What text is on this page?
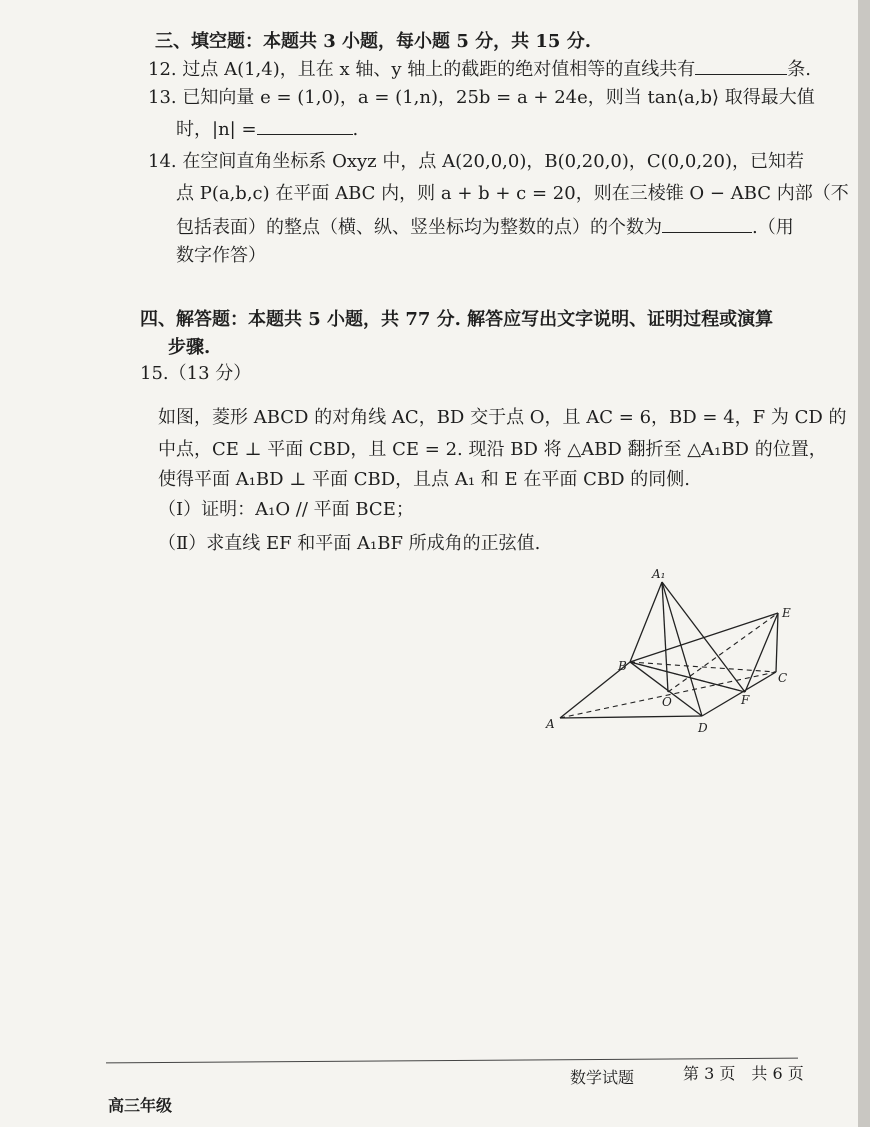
三、填空题：本题共 3 小题，每小题 5 分，共 15 分.
12. 过点 A(1,4)，且在 x 轴、y 轴上的截距的绝对值相等的直线共有	条.
13. 已知向量 e = (1,0)，a = (1,n)，25b = a + 24e，则当 tan⟨a,b⟩ 取得最大值
时，|n| =	.
14. 在空间直角坐标系 Oxyz 中，点 A(20,0,0)，B(0,20,0)，C(0,0,20)，已知若
点 P(a,b,c) 在平面 ABC 内，则 a + b + c = 20，则在三棱锥 O − ABC 内部（不
包括表面）的整点（横、纵、竖坐标均为整数的点）的个数为	.（用
数字作答）
四、解答题：本题共 5 小题，共 77 分. 解答应写出文字说明、证明过程或演算
步骤.
15.（13 分）
如图，菱形 ABCD 的对角线 AC，BD 交于点 O，且 AC = 6，BD = 4，F 为 CD 的
中点，CE ⊥ 平面 CBD，且 CE = 2. 现沿 BD 将 △ABD 翻折至 △A₁BD 的位置，
使得平面 A₁BD ⊥ 平面 CBD，且点 A₁ 和 E 在平面 CBD 的同侧.
（Ⅰ）证明：A₁O // 平面 BCE；
（Ⅱ）求直线 EF 和平面 A₁BF 所成角的正弦值.
A₁
E
B
C
O	F
A	D
数学试题	第 3 页　共 6 页
高三年级
